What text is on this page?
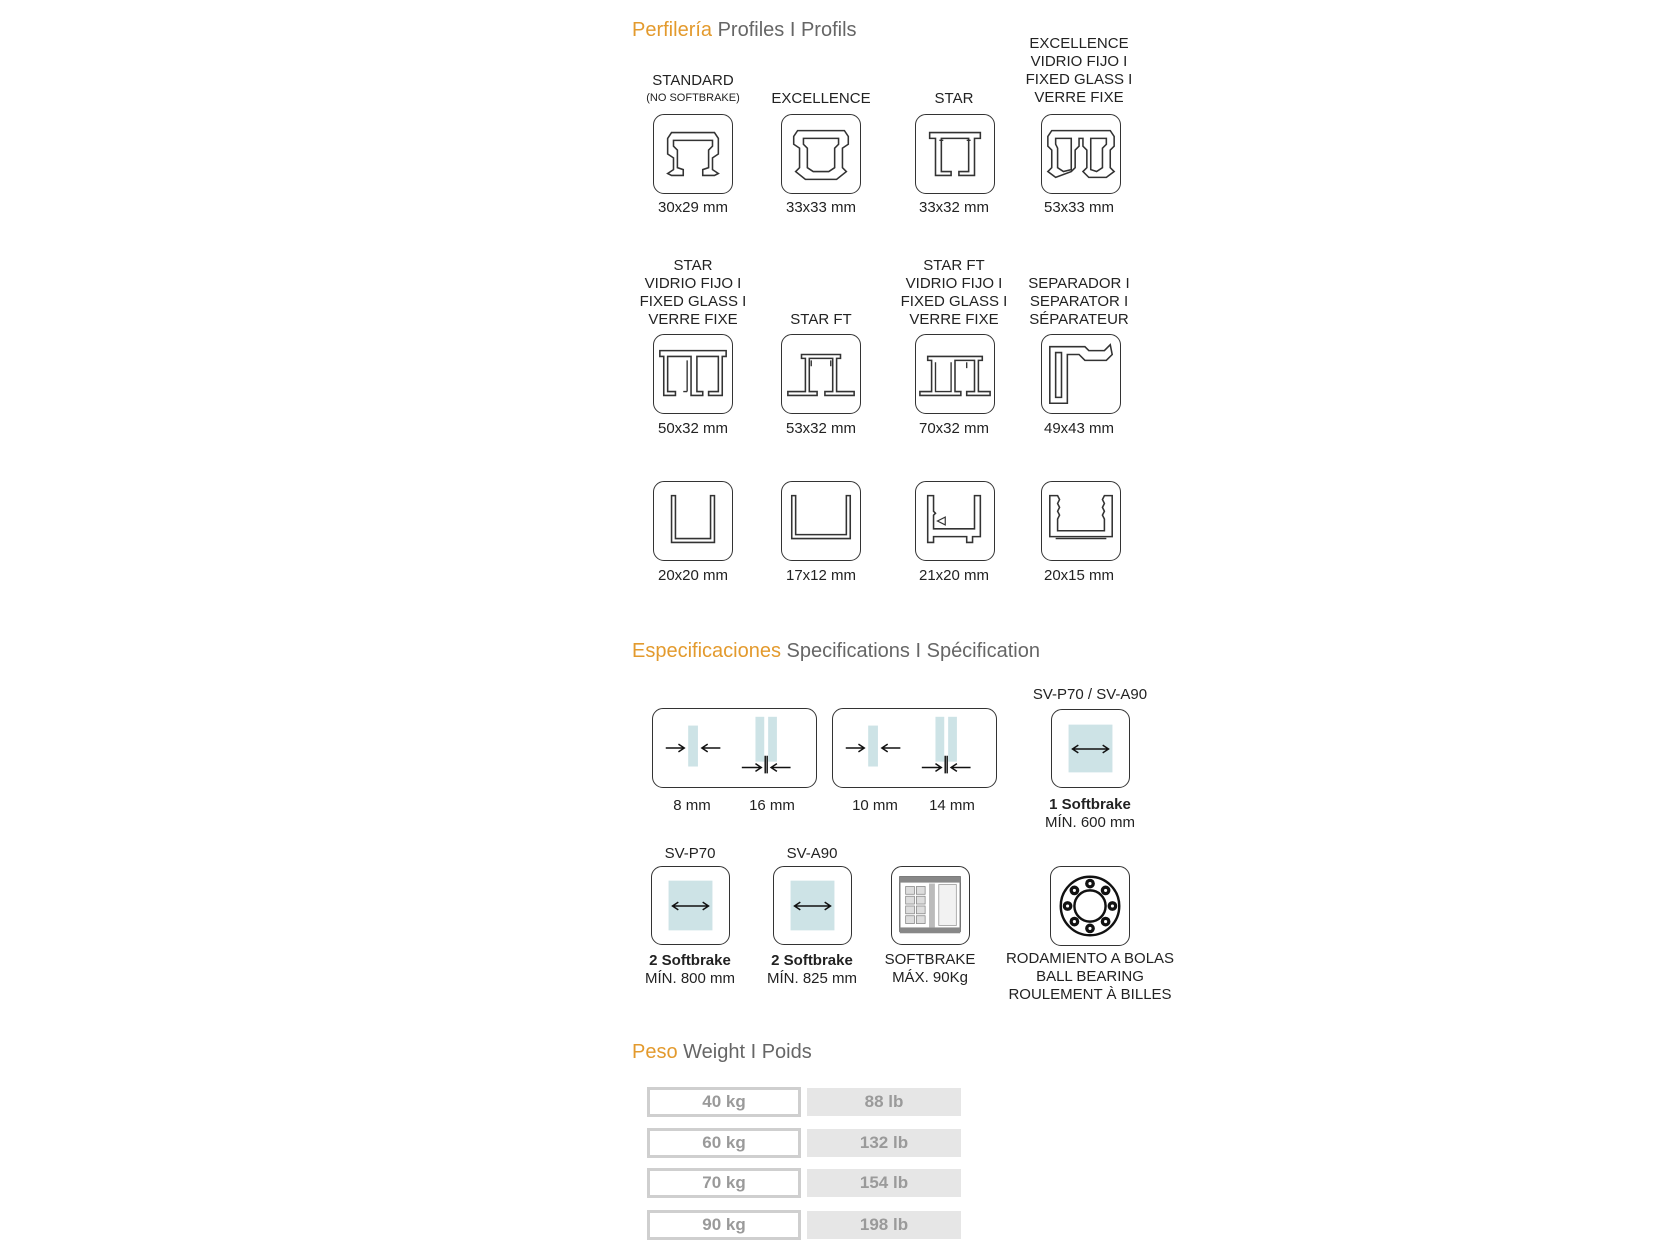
Perfilería Profiles I Profils
STANDARD
(NO SOFTBRAKE)	EXCELLENCE	STAR
EXCELLENCE
VIDRIO FIJO I
FIXED GLASS I
VERRE FIXE
30x29 mm	33x33 mm	33x32 mm	53x33 mm
STAR
VIDRIO FIJO I
FIXED GLASS I
VERRE FIXE	STAR FT
STAR FT
VIDRIO FIJO I
FIXED GLASS I
VERRE FIXE
SEPARADOR I
SEPARATOR I
SÉPARATEUR
50x32 mm	53x32 mm	70x32 mm	49x43 mm
20x20 mm	17x12 mm	21x20 mm	20x15 mm
Especificaciones Specifications I Spécification
8 mm	16 mm	10 mm	14 mm
SV-P70 / SV-A90
1 Softbrake
MÍN. 600 mm
SV-P70
2 Softbrake
MÍN. 800 mm
SV-A90
2 Softbrake
MÍN. 825 mm
SOFTBRAKE
MÁX. 90Kg
RODAMIENTO A BOLAS
BALL BEARING
ROULEMENT À BILLES
Peso Weight I Poids
40 kg	88 lb
60 kg	132 lb
70 kg	154 lb
90 kg	198 lb
